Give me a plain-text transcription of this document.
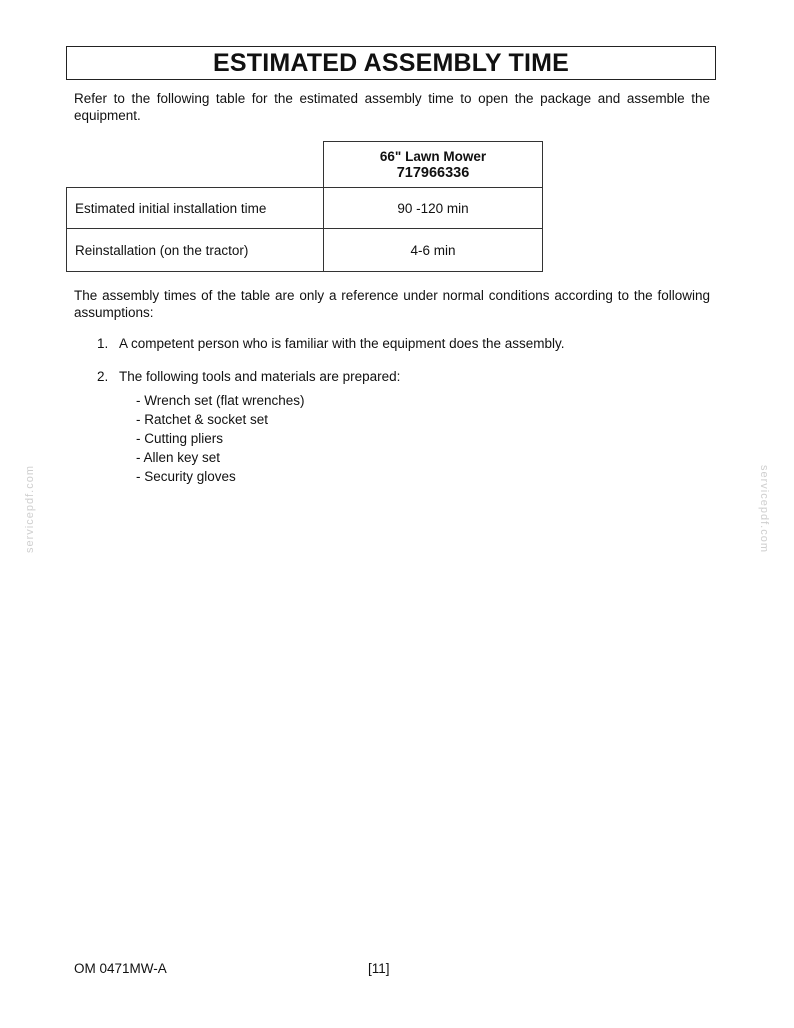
ESTIMATED ASSEMBLY TIME
Refer to the following table for the estimated assembly time to open the package and assemble the equipment.

	66" Lawn Mower
717966336

Estimated initial installation time	90 -120 min
Reinstallation (on the tractor)	4-6 min
The assembly times of the table are only a reference under normal conditions according to the following assumptions:
1. A competent person who is familiar with the equipment does the assembly.
2. The following tools and materials are prepared:
- Wrench set (flat wrenches)
- Ratchet & socket set
- Cutting pliers
- Allen key set
- Security gloves
servicepdf.com	servicepdf.com
OM 0471MW-A	[11]
